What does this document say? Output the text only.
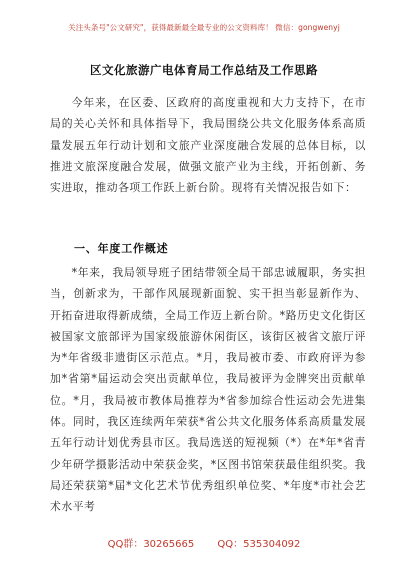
关注头条号"公文研究"，获得最新最全最专业的公文资料库！ 微信：gongwenyj
区文化旅游广电体育局工作总结及工作思路
今年来，在区委、区政府的高度重视和大力支持下，在市局的关心关怀和具体指导下，我局围绕公共文化服务体系高质量发展五年行动计划和文旅产业深度融合发展的总体目标，以推进文旅深度融合发展，做强文旅产业为主线，开拓创新、务实进取，推动各项工作跃上新台阶。现将有关情况报告如下：
一、年度工作概述
*年来，我局领导班子团结带领全局干部忠诚履职，务实担当，创新求为，干部作风展现新面貌、实干担当彰显新作为、开拓奋进取得新成绩，全局工作迈上新台阶。*路历史文化街区被国家文旅部评为国家级旅游休闲街区，该街区被省文旅厅评为*年省级非遗街区示范点。*月，我局被市委、市政府评为参加*省第*届运动会突出贡献单位，我局被评为金牌突出贡献单位。*月，我局被市教体局推荐为*省参加综合性运动会先进集体。同时，我区连续两年荣获*省公共文化服务体系高质量发展五年行动计划优秀县市区。我局选送的短视频（*）在*年*省青少年研学摄影活动中荣获金奖，*区图书馆荣获最佳组织奖。我局还荣获第*届*文化艺术节优秀组织单位奖、*年度*市社会艺术水平考
QQ群：30265665 QQ：535304092
